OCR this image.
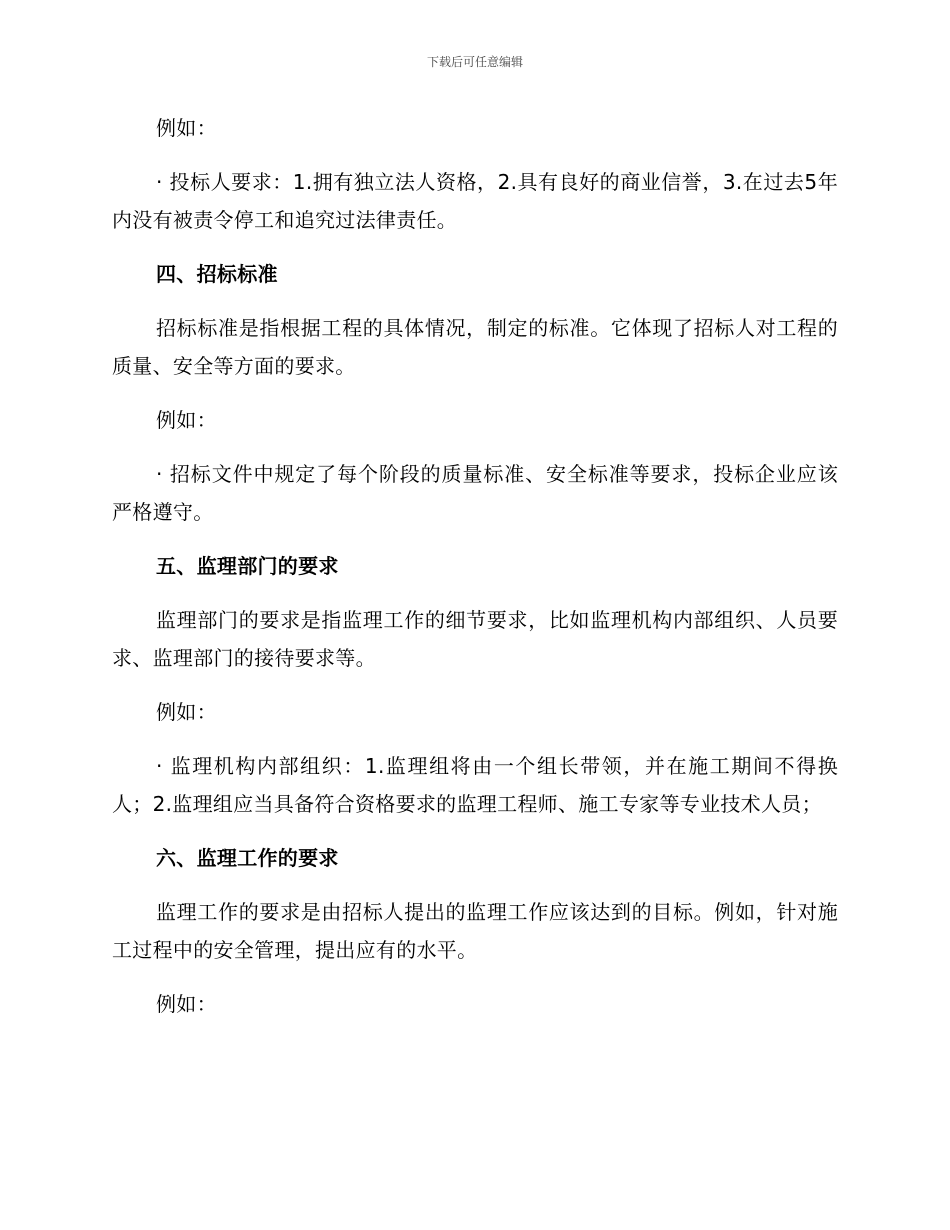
下载后可任意编辑

例如：

· 投标人要求：1.拥有独立法人资格，2.具有良好的商业信誉，3.在过去5年内没有被责令停工和追究过法律责任。

四、招标标准

招标标准是指根据工程的具体情况，制定的标准。它体现了招标人对工程的质量、安全等方面的要求。

例如：

· 招标文件中规定了每个阶段的质量标准、安全标准等要求，投标企业应该严格遵守。

五、监理部门的要求

监理部门的要求是指监理工作的细节要求，比如监理机构内部组织、人员要求、监理部门的接待要求等。

例如：

· 监理机构内部组织：1.监理组将由一个组长带领，并在施工期间不得换人；2.监理组应当具备符合资格要求的监理工程师、施工专家等专业技术人员；

六、监理工作的要求

监理工作的要求是由招标人提出的监理工作应该达到的目标。例如，针对施工过程中的安全管理，提出应有的水平。

例如：
